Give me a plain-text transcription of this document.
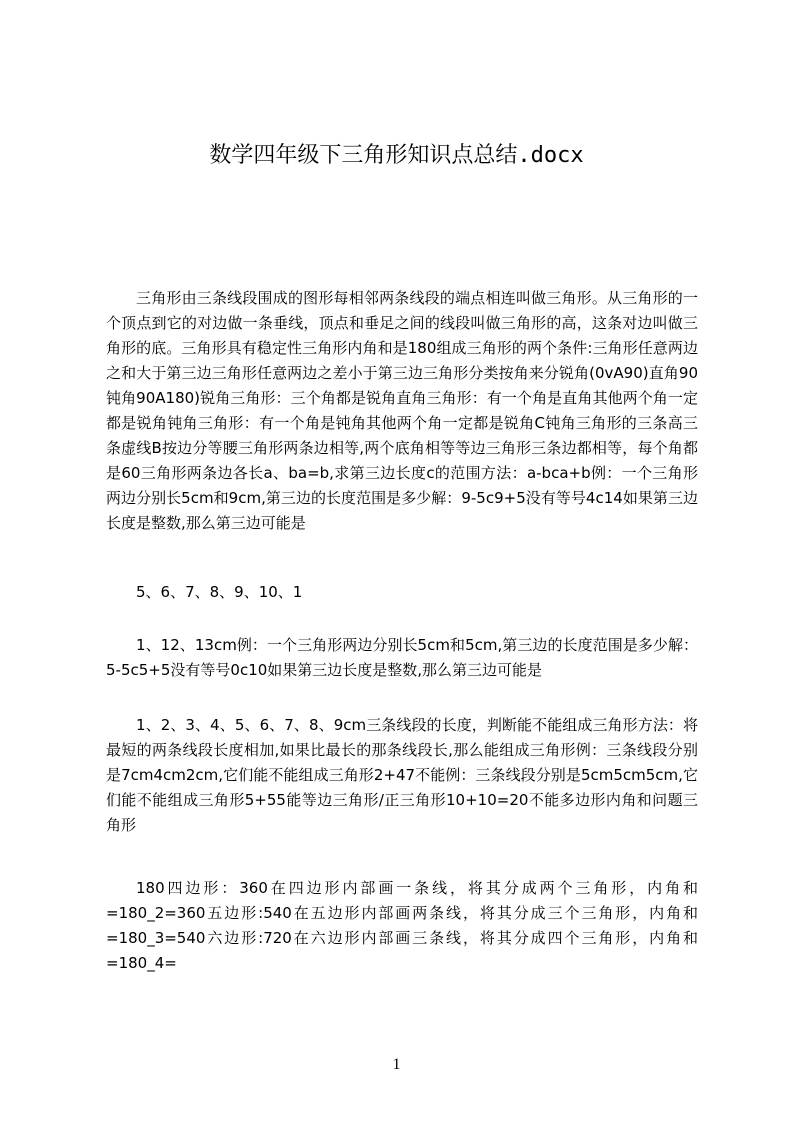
数学四年级下三角形知识点总结.docx

三角形由三条线段围成的图形每相邻两条线段的端点相连叫做三角形。从三角形的一个顶点到它的对边做一条垂线，顶点和垂足之间的线段叫做三角形的高，这条对边叫做三角形的底。三角形具有稳定性三角形内角和是180组成三角形的两个条件:三角形任意两边之和大于第三边三角形任意两边之差小于第三边三角形分类按角来分锐角(0vA90)直角90钝角90A180)锐角三角形：三个角都是锐角直角三角形：有一个角是直角其他两个角一定都是锐角钝角三角形：有一个角是钝角其他两个角一定都是锐角C钝角三角形的三条高三条虚线B按边分等腰三角形两条边相等,两个底角相等等边三角形三条边都相等，每个角都是60三角形两条边各长a、ba=b,求第三边长度c的范围方法：a-bca+b例：一个三角形两边分别长5cm和9cm,第三边的长度范围是多少解：9-5c9+5没有等号4c14如果第三边长度是整数,那么第三边可能是

5、6、7、8、9、10、1

1、12、13cm例：一个三角形两边分别长5cm和5cm,第三边的长度范围是多少解：5-5c5+5没有等号0c10如果第三边长度是整数,那么第三边可能是

1、2、3、4、5、6、7、8、9cm三条线段的长度，判断能不能组成三角形方法：将最短的两条线段长度相加,如果比最长的那条线段长,那么能组成三角形例：三条线段分别是7cm4cm2cm,它们能不能组成三角形2+47不能例：三条线段分别是5cm5cm5cm,它们能不能组成三角形5+55能等边三角形/正三角形10+10=20不能多边形内角和问题三角形

180四边形：360在四边形内部画一条线，将其分成两个三角形，内角和=180_2=360五边形:540在五边形内部画两条线，将其分成三个三角形，内角和=180_3=540六边形:720在六边形内部画三条线，将其分成四个三角形，内角和=180_4=

1
